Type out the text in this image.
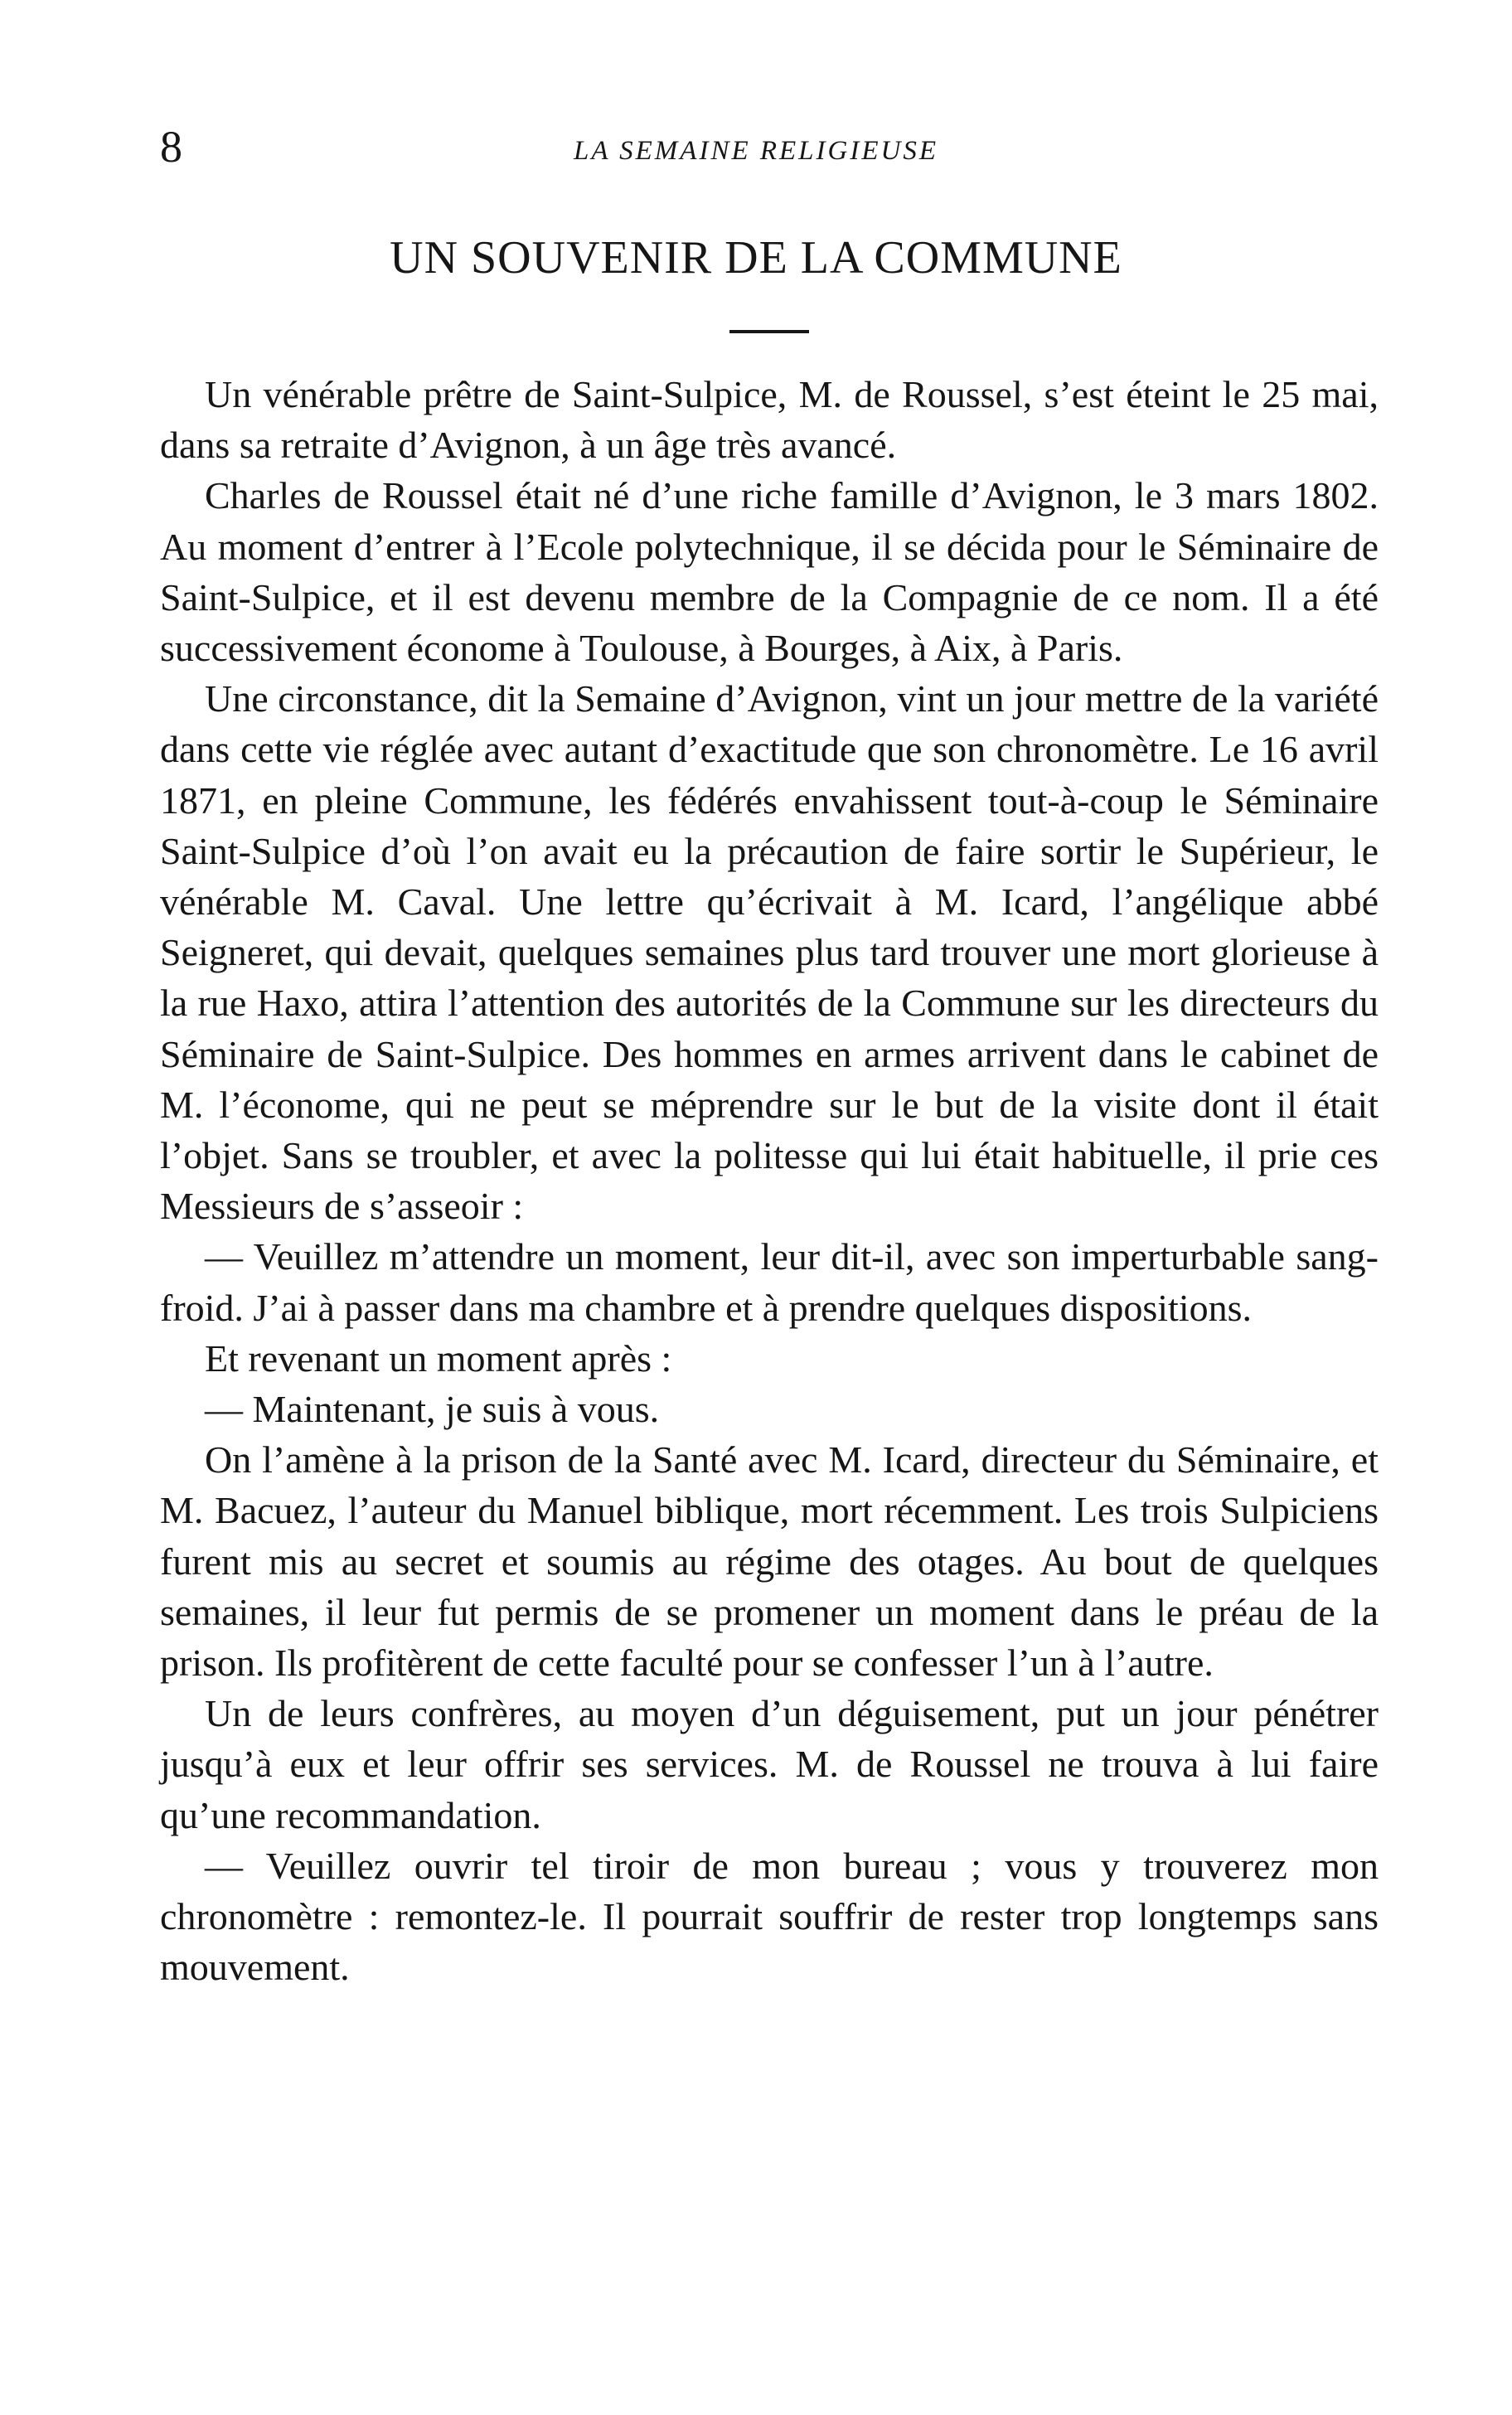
8	LA SEMAINE RELIGIEUSE
UN SOUVENIR DE LA COMMUNE

Un vénérable prêtre de Saint-Sulpice, M. de Roussel, s’est éteint le 25 mai, dans sa retraite d’Avignon, à un âge très avancé.

Charles de Roussel était né d’une riche famille d’Avignon, le 3 mars 1802. Au moment d’entrer à l’Ecole polytechnique, il se décida pour le Séminaire de Saint-Sulpice, et il est devenu membre de la Compagnie de ce nom. Il a été successivement économe à Toulouse, à Bourges, à Aix, à Paris.

Une circonstance, dit la Semaine d’Avignon, vint un jour mettre de la variété dans cette vie réglée avec autant d’exactitude que son chronomètre. Le 16 avril 1871, en pleine Commune, les fédérés envahissent tout-à-coup le Séminaire Saint-Sulpice d’où l’on avait eu la précaution de faire sortir le Supérieur, le vénérable M. Caval. Une lettre qu’écrivait à M. Icard, l’angélique abbé Seigneret, qui devait, quelques semaines plus tard trouver une mort glorieuse à la rue Haxo, attira l’attention des autorités de la Commune sur les directeurs du Séminaire de Saint-Sulpice. Des hommes en armes arrivent dans le cabinet de M. l’économe, qui ne peut se méprendre sur le but de la visite dont il était l’objet. Sans se troubler, et avec la politesse qui lui était habituelle, il prie ces Messieurs de s’asseoir :

— Veuillez m’attendre un moment, leur dit-il, avec son imperturbable sang-froid. J’ai à passer dans ma chambre et à prendre quelques dispositions.

Et revenant un moment après :

— Maintenant, je suis à vous.

On l’amène à la prison de la Santé avec M. Icard, directeur du Séminaire, et M. Bacuez, l’auteur du Manuel biblique, mort récemment. Les trois Sulpiciens furent mis au secret et soumis au régime des otages. Au bout de quelques semaines, il leur fut permis de se promener un moment dans le préau de la prison. Ils profitèrent de cette faculté pour se confesser l’un à l’autre.

Un de leurs confrères, au moyen d’un déguisement, put un jour pénétrer jusqu’à eux et leur offrir ses services. M. de Roussel ne trouva à lui faire qu’une recommandation.

— Veuillez ouvrir tel tiroir de mon bureau ; vous y trouverez mon chronomètre : remontez-le. Il pourrait souffrir de rester trop longtemps sans mouvement.
